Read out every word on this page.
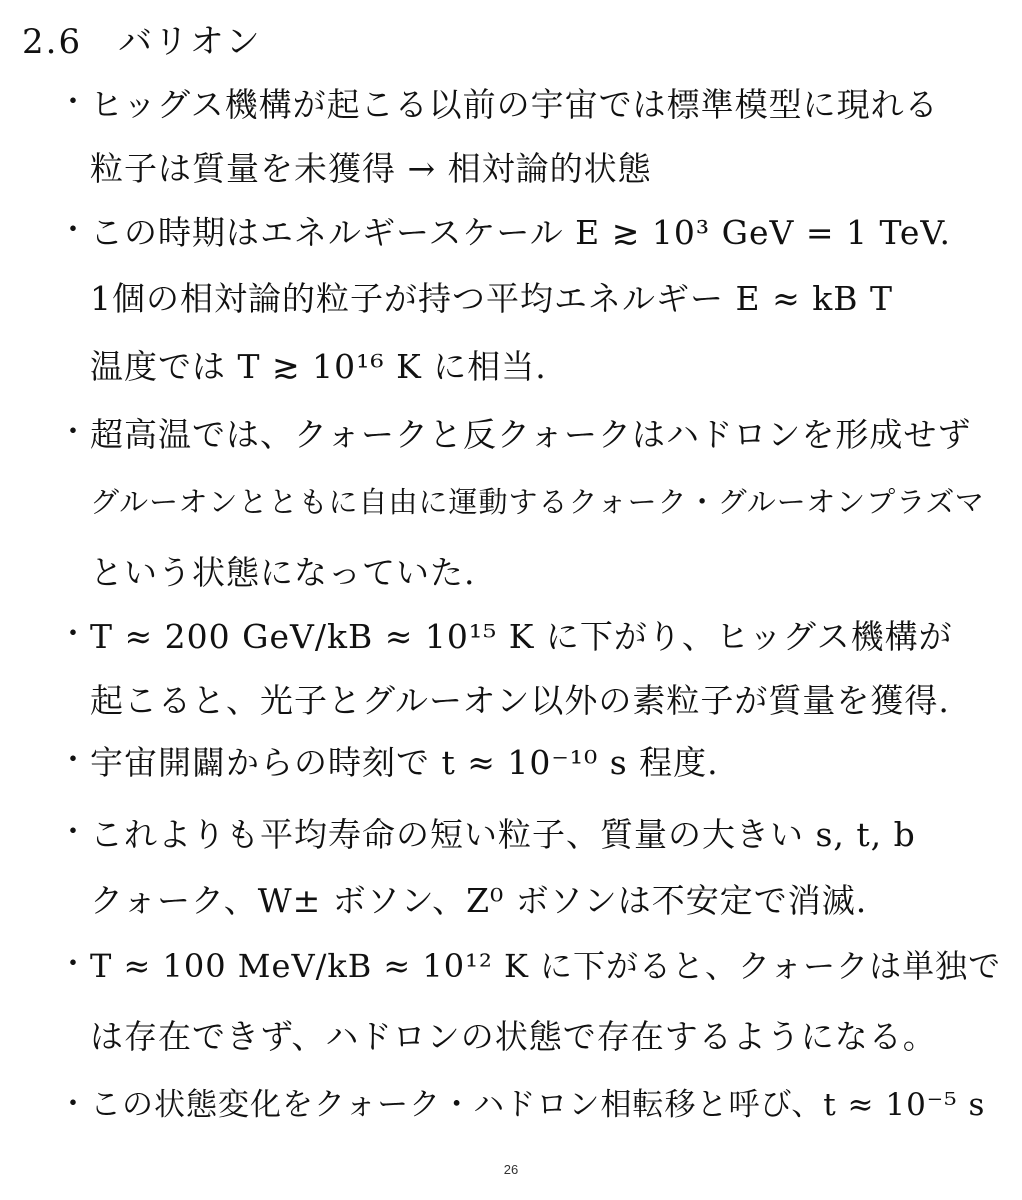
2.6　バリオン
・ ヒッグス機構が起こる以前の宇宙では標準模型に現れる
粒子は質量を未獲得 → 相対論的状態
・ この時期はエネルギースケール E ≳ 10³ GeV = 1 TeV.
1個の相対論的粒子が持つ平均エネルギー E ≈ kB T
温度では T ≳ 10¹⁶ K に相当.
・ 超高温では、クォークと反クォークはハドロンを形成せず
グルーオンとともに自由に運動するクォーク・グルーオンプラズマ
という状態になっていた.
・ T ≈ 200 GeV/kB ≈ 10¹⁵ K に下がり、ヒッグス機構が
起こると、光子とグルーオン以外の素粒子が質量を獲得.
・ 宇宙開闢からの時刻で t ≈ 10⁻¹⁰ s 程度.
・ これよりも平均寿命の短い粒子、質量の大きい s, t, b
クォーク、W± ボソン、Z⁰ ボソンは不安定で消滅.
・ T ≈ 100 MeV/kB ≈ 10¹² K に下がると、クォークは単独で
は存在できず、ハドロンの状態で存在するようになる。
・ この状態変化をクォーク・ハドロン相転移と呼び、t ≈ 10⁻⁵ s
26
